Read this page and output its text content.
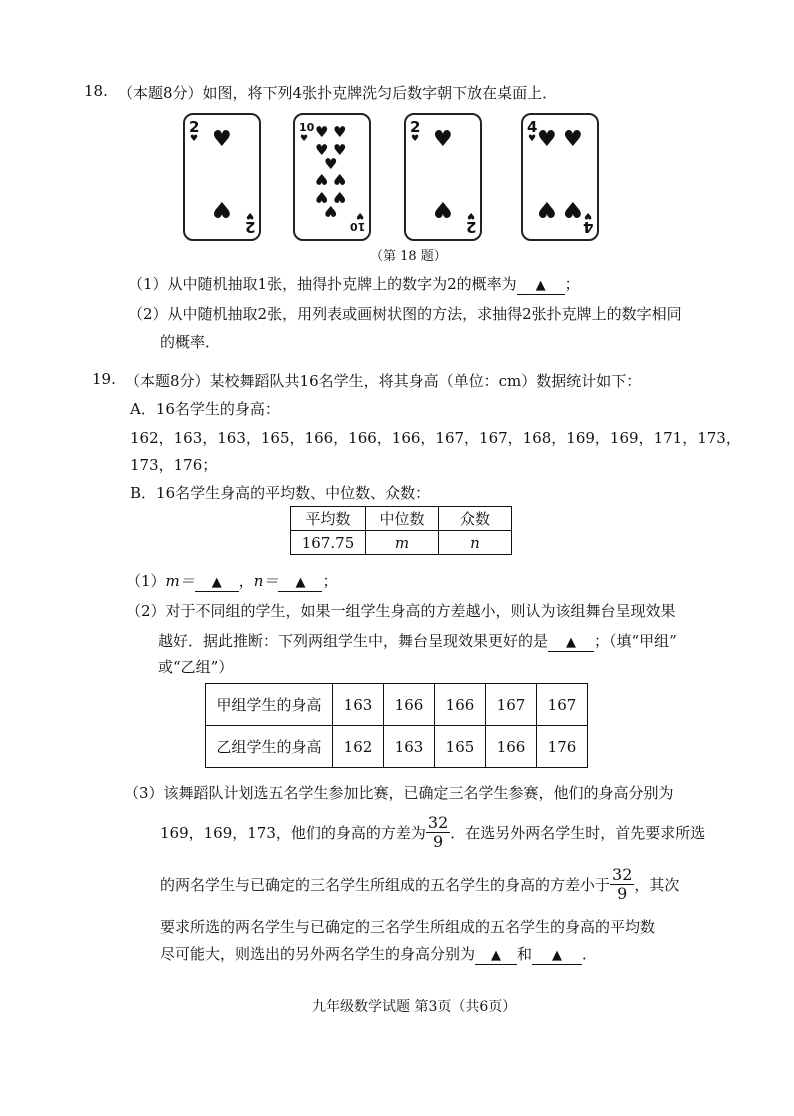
18. （本题8分）如图，将下列4张扑克牌洗匀后数字朝下放在桌面上．
2
♥
2
♥
♥
♥
10
♥
10
♥
♥ ♥
♥ ♥
♥
♥ ♥
♥ ♥
♥
2
♥
2
♥
♥
♥
4
♥
4
♥
♥ ♥
♥ ♥
（第 18 题）
（1）从中随机抽取1张，抽得扑克牌上的数字为2的概率为 ▲ ；
（2）从中随机抽取2张，用列表或画树状图的方法，求抽得2张扑克牌上的数字相同
的概率．
19. （本题8分）某校舞蹈队共16名学生，将其身高（单位：cm）数据统计如下：
A．16名学生的身高：
162，163，163，165，166，166，166，167，167，168，169，169，171，173，
173，176；
B．16名学生身高的平均数、中位数、众数：
平均数	中位数	众数
167.75	m	n
（1）m＝ ▲ ，n＝ ▲ ；
（2）对于不同组的学生，如果一组学生身高的方差越小，则认为该组舞台呈现效果
越好．据此推断：下列两组学生中，舞台呈现效果更好的是 ▲ ；（填“甲组”
或“乙组”）
甲组学生的身高	163	166	166	167	167
乙组学生的身高	162	163	165	166	176
（3）该舞蹈队计划选五名学生参加比赛，已确定三名学生参赛，他们的身高分别为
169，169，173，他们的身高的方差为 $\frac{32}{9}$ ．在选另外两名学生时，首先要求所选
的两名学生与已确定的三名学生所组成的五名学生的身高的方差小于 $\frac{32}{9}$ ，其次
要求所选的两名学生与已确定的三名学生所组成的五名学生的身高的平均数
尽可能大，则选出的另外两名学生的身高分别为 ▲ 和 ▲ ．
九年级数学试题 第3页（共6页）
